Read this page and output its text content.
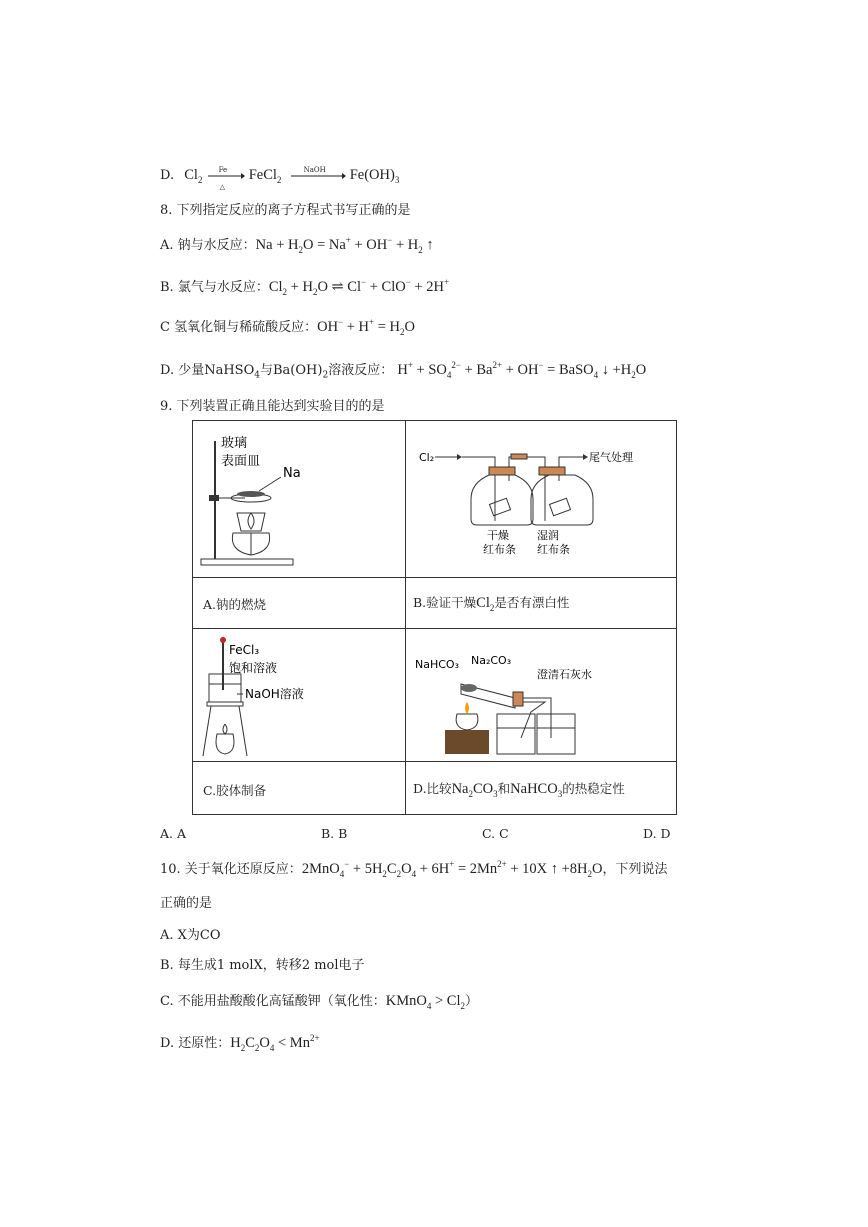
D. $Cl_2$
Fe
△
FeCl$_2$
NaOH $Fe(OH)_3$
8. 下列指定反应的离子方程式书写正确的是
A. 钠与水反应：$Na + H_2O = Na^+ + OH^- + H_2$ ↑
B. 氯气与水反应：$Cl_2 + H_2O$ ⇌ Cl− + ClO− + 2H+
C 氢氧化铜与稀硫酸反应：$OH^- + H^+ = H_2O$
D. 少量NaHSO$_4$与$Ba(OH)_2$溶液反应： $H^+ + SO_4^{2-} + Ba^{2+} + OH^-$ = BaSO$_4$ ↓ $+H_2O$
9. 下列装置正确且能达到实验目的的是
玻璃
表面皿
Na
Cl₂	尾气处理
干燥
红布条
湿润
红布条
A.钠的燃烧	B.验证干燥$Cl_2$是否有漂白性
FeCl₃
饱和溶液
NaOH溶液
NaHCO₃ Na₂CO₃
澄清石灰水
C.胶体制备	D.比较$Na_2CO_3$和NaHCO$_3$的热稳定性
A. A	B. B	C. C	D. D
10. 关于氧化还原反应：$2MnO_4^- + 5H_2C_2O_4 + 6H^+ = 2Mn^{2+} + 10X$ ↑ $+8H_2O$，下列说法
正确的是
A. X为CO
B. 每生成1 molX，转移2 mol电子
C. 不能用盐酸酸化高锰酸钾（氧化性：KMnO$_4$ > $Cl_2$）
D. 还原性：$H_2C_2O_4 < Mn^{2+}$
